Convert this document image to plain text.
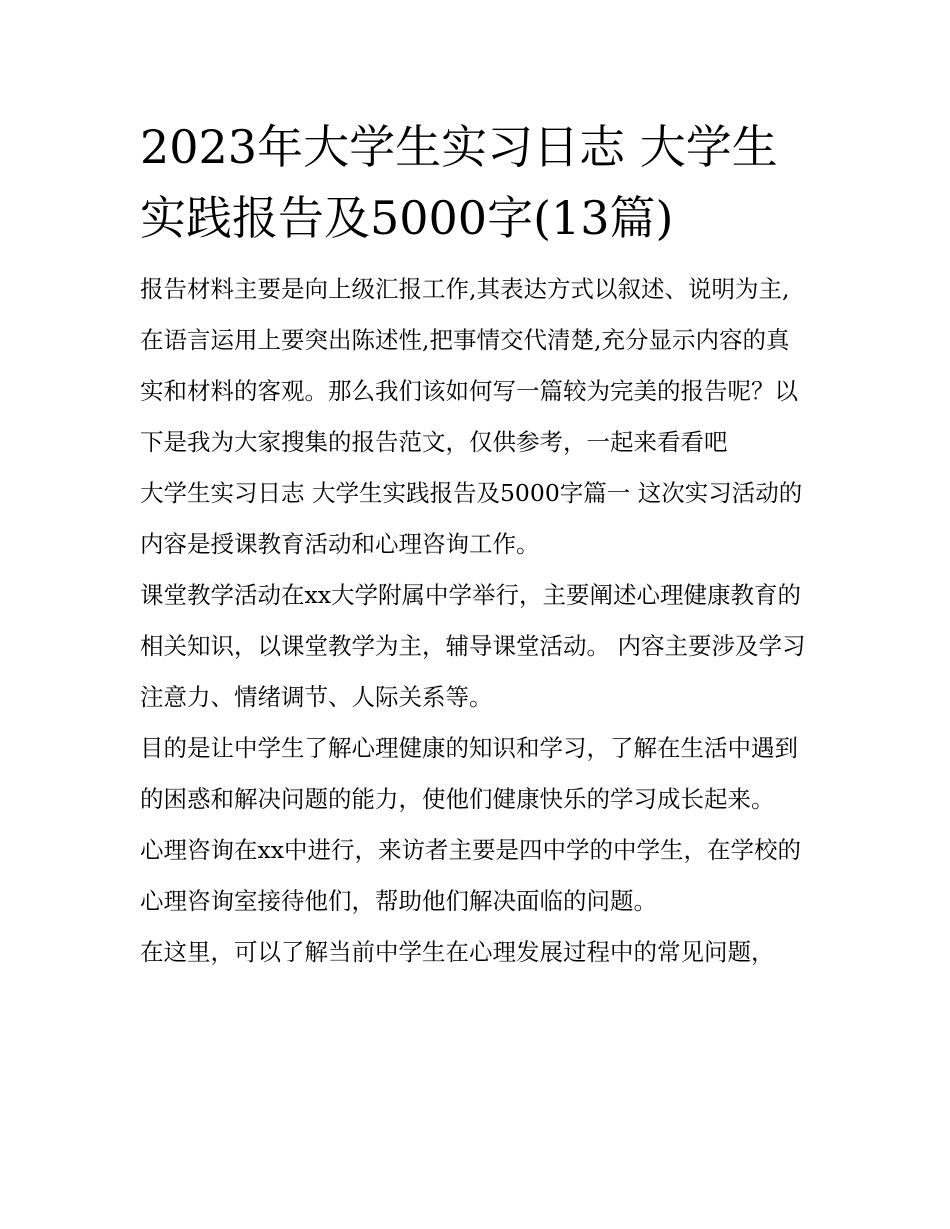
2023年大学生实习日志 大学生实践报告及5000字(13篇)

报告材料主要是向上级汇报工作,其表达方式以叙述、说明为主,在语言运用上要突出陈述性,把事情交代清楚,充分显示内容的真实和材料的客观。那么我们该如何写一篇较为完美的报告呢？以下是我为大家搜集的报告范文，仅供参考，一起来看看吧

大学生实习日志 大学生实践报告及5000字篇一 这次实习活动的内容是授课教育活动和心理咨询工作。

课堂教学活动在xx大学附属中学举行，主要阐述心理健康教育的相关知识，以课堂教学为主，辅导课堂活动。 内容主要涉及学习注意力、情绪调节、人际关系等。

目的是让中学生了解心理健康的知识和学习，了解在生活中遇到的困惑和解决问题的能力，使他们健康快乐的学习成长起来。

心理咨询在xx中进行，来访者主要是四中学的中学生，在学校的心理咨询室接待他们，帮助他们解决面临的问题。

在这里，可以了解当前中学生在心理发展过程中的常见问题，
